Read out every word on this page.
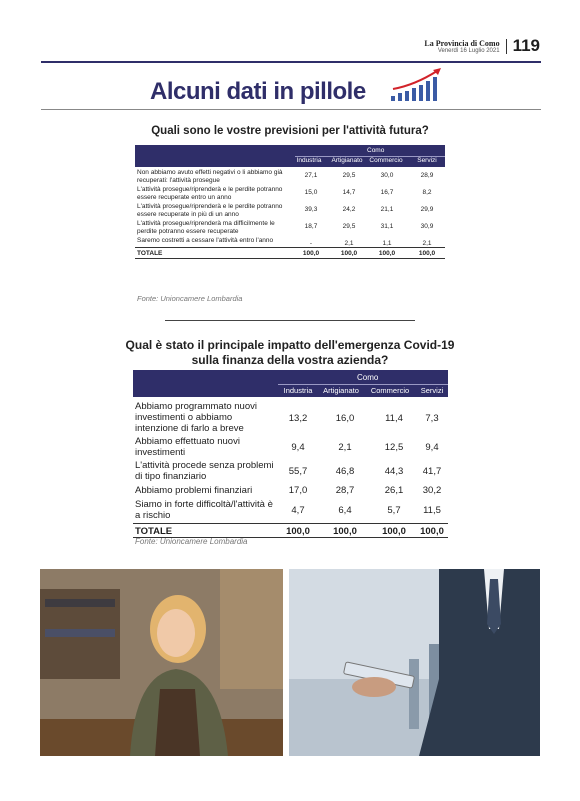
La Provincia di Como
Venerdì 16 Luglio 2021 119
Alcuni dati in pillole
Quali sono le vostre previsioni per l'attività futura?
Como
Industria	Artigianato	Commercio	Servizi
Non abbiamo avuto effetti negativi o li abbiamo già recuperati: l'attività prosegue
27,1	29,5	30,0	28,9
L'attività prosegue/riprenderà e le perdite potranno essere recuperate entro un anno
15,0	14,7	16,7	8,2
L'attività prosegue/riprenderà e le perdite potranno essere recuperate in più di un anno
39,3	24,2	21,1	29,9
L'attività prosegue/riprenderà ma difficilmente le perdite potranno essere recuperate
18,7	29,5	31,1	30,9
Saremo costretti a cessare l'attività entro l'anno	-	2,1	1,1	2,1
TOTALE	100,0	100,0	100,0	100,0
Fonte: Unioncamere Lombardia
Qual è stato il principale impatto dell'emergenza Covid-19
sulla finanza della vostra azienda?
Como
Industria	Artigianato	Commercio	Servizi
Abbiamo programmato nuovi investimenti o abbiamo intenzione di farlo a breve
13,2	16,0	11,4	7,3
Abbiamo effettuato nuovi investimenti	9,4	2,1	12,5	9,4
L'attività procede senza problemi di tipo finanziario	55,7	46,8	44,3	41,7
Abbiamo problemi finanziari	17,0	28,7	26,1	30,2
Siamo in forte difficoltà/l'attività è a rischio	4,7	6,4	5,7	11,5
TOTALE	100,0	100,0	100,0	100,0
Fonte: Unioncamere Lombardia
